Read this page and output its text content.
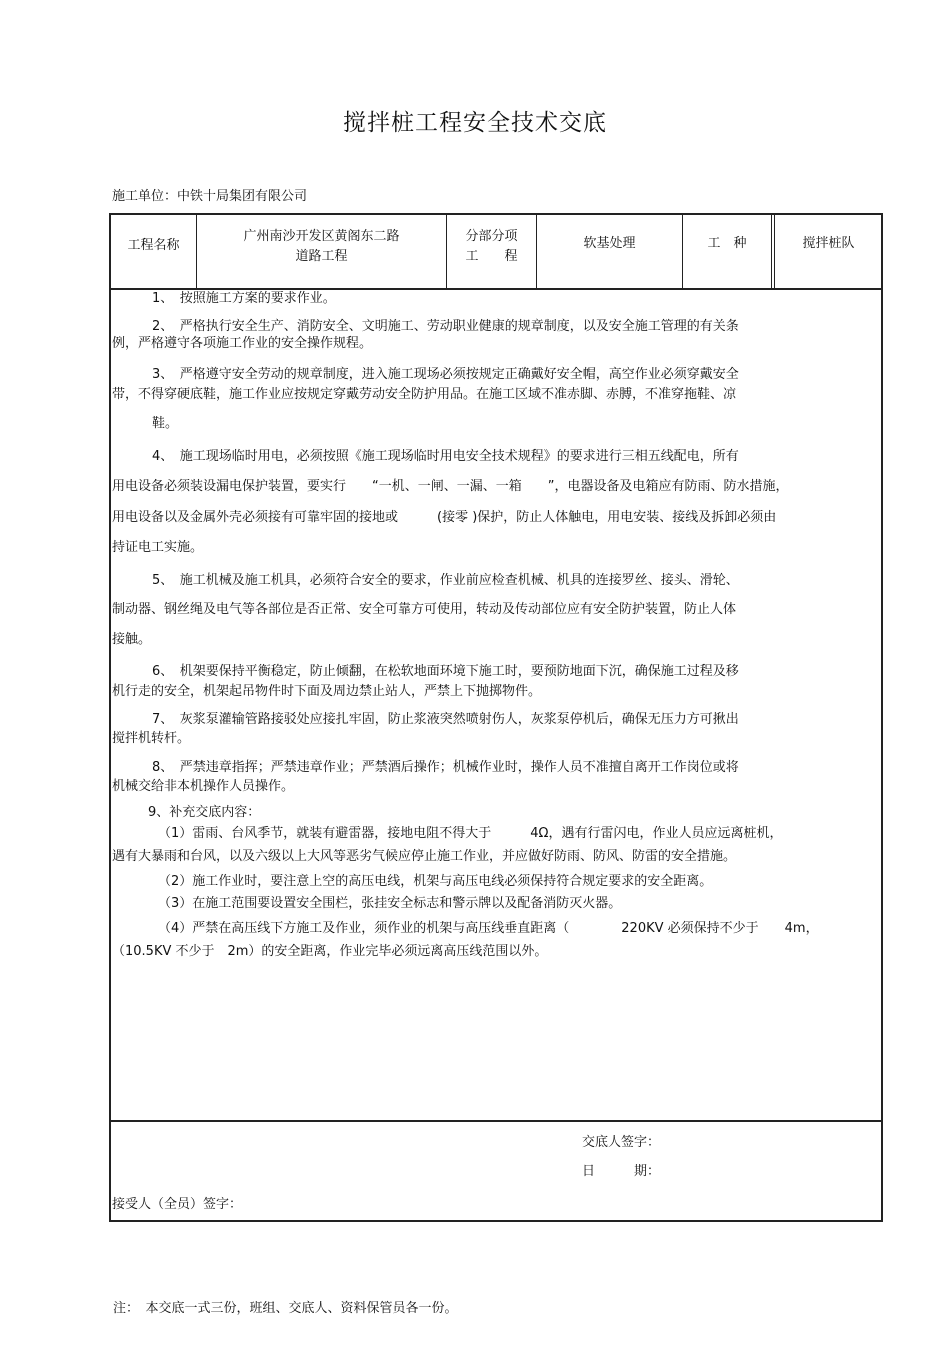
搅拌桩工程安全技术交底
施工单位：中铁十局集团有限公司
工程名称
广州南沙开发区黄阁东二路
道路工程
分部分项
工　　程
软基处理	工　种	搅拌桩队
1、　按照施工方案的要求作业。
2、　严格执行安全生产、消防安全、文明施工、劳动职业健康的规章制度，以及安全施工管理的有关条
例，严格遵守各项施工作业的安全操作规程。
3、　严格遵守安全劳动的规章制度，进入施工现场必须按规定正确戴好安全帽，高空作业必须穿戴安全
带，不得穿硬底鞋，施工作业应按规定穿戴劳动安全防护用品。在施工区域不准赤脚、赤膊，不准穿拖鞋、凉
鞋。
4、　施工现场临时用电，必须按照《施工现场临时用电安全技术规程》的要求进行三相五线配电，所有
用电设备必须装设漏电保护装置，要实行　　“一机、一闸、一漏、一箱　　”，电器设备及电箱应有防雨、防水措施，
用电设备以及金属外壳必须接有可靠牢固的接地或　　　(接零 )保护，防止人体触电，用电安装、接线及拆卸必须由
持证电工实施。
5、　施工机械及施工机具，必须符合安全的要求，作业前应检查机械、机具的连接罗丝、接头、滑轮、
制动器、钢丝绳及电气等各部位是否正常、安全可靠方可使用，转动及传动部位应有安全防护装置，防止人体
接触。
6、　机架要保持平衡稳定，防止倾翻，在松软地面环境下施工时，要预防地面下沉，确保施工过程及移
机行走的安全，机架起吊物件时下面及周边禁止站人，严禁上下抛掷物件。
7、　灰浆泵灌输管路接驳处应接扎牢固，防止浆液突然喷射伤人，灰浆泵停机后，确保无压力方可揪出
搅拌机转杆。
8、　严禁违章指挥；严禁违章作业；严禁酒后操作；机械作业时，操作人员不准擅自离开工作岗位或将
机械交给非本机操作人员操作。
9、补充交底内容：
（1）雷雨、台风季节，就装有避雷器，接地电阻不得大于　　　4Ω，遇有行雷闪电，作业人员应远离桩机，
遇有大暴雨和台风，以及六级以上大风等恶劣气候应停止施工作业，并应做好防雨、防风、防雷的安全措施。
（2）施工作业时，要注意上空的高压电线，机架与高压电线必须保持符合规定要求的安全距离。
（3）在施工范围要设置安全围栏，张挂安全标志和警示牌以及配备消防灭火器。
（4）严禁在高压线下方施工及作业，须作业的机架与高压线垂直距离（　　　　220KV 必须保持不少于　　4m，
（10.5KV 不少于　2m）的安全距离，作业完毕必须远离高压线范围以外。
交底人签字：
日　　　期：
接受人（全员）签字：
注：　本交底一式三份，班组、交底人、资料保管员各一份。
